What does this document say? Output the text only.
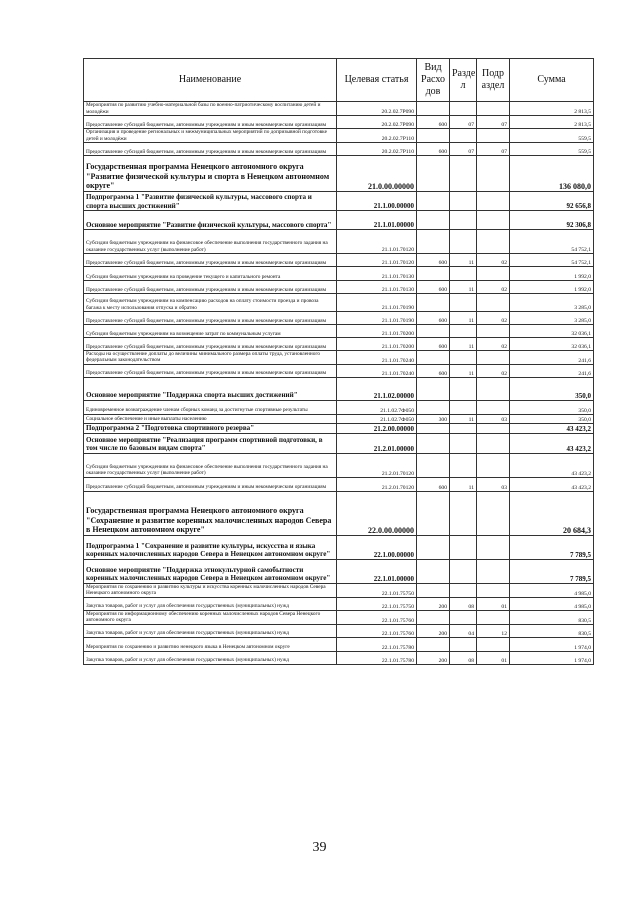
Наименование	Целевая статья	Вид Расхо дов	Разде л	Подр аздел	Сумма
Мероприятия по развитию учебно-материальной базы по военно-патриотическому воспитанию детей и молодёжи	20.2.02.7Р090				2 813,5
Предоставление субсидий бюджетным, автономным учреждениям и иным некоммерческим организациям	20.2.02.7Р090	600	07	07	2 813,5
Организация и проведение региональных и межмуниципальных мероприятий по допризывной подготовке детей и молодёжи	20.2.02.7Р110				559,5
Предоставление субсидий бюджетным, автономным учреждениям и иным некоммерческим организациям	20.2.02.7Р110	600	07	07	559,5
Государственная программа Ненецкого автономного округа "Развитие физической культуры и спорта в Ненецком автономном округе"	21.0.00.00000				136 080,0
Подпрограмма 1 "Развитие физической культуры, массового спорта и спорта высших достижений"	21.1.00.00000				92 656,8
Основное мероприятие "Развитие физической культуры, массового спорта"	21.1.01.00000				92 306,8
Субсидии бюджетным учреждениям на финансовое обеспечение выполнения государственного задания на оказание государственных услуг (выполнение работ)	21.1.01.70120				54 752,1
Предоставление субсидий бюджетным, автономным учреждениям и иным некоммерческим организациям	21.1.01.70120	600	11	02	54 752,1
Субсидии бюджетным учреждениям на проведение текущего и капитального ремонта	21.1.01.70130				1 992,0
Предоставление субсидий бюджетным, автономным учреждениям и иным некоммерческим организациям	21.1.01.70130	600	11	02	1 992,0
Субсидии бюджетным учреждениям на компенсацию расходов на оплату стоимости проезда и провоза багажа к месту использования отпуска и обратно	21.1.01.70190				3 285,0
Предоставление субсидий бюджетным, автономным учреждениям и иным некоммерческим организациям	21.1.01.70190	600	11	02	3 285,0
Субсидии бюджетным учреждениям на возмещение затрат по коммунальным услугам	21.1.01.70200				32 036,1
Предоставление субсидий бюджетным, автономным учреждениям и иным некоммерческим организациям	21.1.01.70200	600	11	02	32 036,1
Расходы на осуществление доплаты до величины минимального размера оплаты труда, установленного федеральным законодательством	21.1.01.70240				241,6
Предоставление субсидий бюджетным, автономным учреждениям и иным некоммерческим организациям	21.1.01.70240	600	11	02	241,6
Основное мероприятие "Поддержка спорта высших достижений"	21.1.02.00000				350,0
Единовременное вознаграждение членам сборных команд за достигнутые спортивные результаты	21.1.02.7Ф050				350,0
Социальное обеспечение и иные выплаты населению	21.1.02.7Ф050	300	11	03	350,0
Подпрограмма 2 "Подготовка спортивного резерва"	21.2.00.00000				43 423,2
Основное мероприятие "Реализация программ спортивной подготовки, в том числе по базовым видам спорта"	21.2.01.00000				43 423,2
Субсидии бюджетным учреждениям на финансовое обеспечение выполнения государственного задания на оказание государственных услуг (выполнение работ)	21.2.01.70120				43 423,2
Предоставление субсидий бюджетным, автономным учреждениям и иным некоммерческим организациям	21.2.01.70120	600	11	03	43 423,2
Государственная программа Ненецкого автономного округа "Сохранение и развитие коренных малочисленных народов Севера в Ненецком автономном округе"	22.0.00.00000				20 684,3
Подпрограмма 1 "Сохранение и развитие культуры, искусства и языка коренных малочисленных народов Севера в Ненецком автономном округе"	22.1.00.00000				7 789,5
Основное мероприятие "Поддержка этнокультурной самобытности коренных малочисленных народов Севера в Ненецком автономном округе"	22.1.01.00000				7 789,5
Мероприятия по сохранению и развитию культуры и искусства коренных малочисленных народов Севера Ненецкого автономного округа	22.1.01.75750				4 985,0
Закупка товаров, работ и услуг для обеспечения государственных (муниципальных) нужд	22.1.01.75750	200	08	01	4 985,0
Мероприятия по информационному обеспечению коренных малочисленных народов Севера Ненецкого автономного округа	22.1.01.75760				830,5
Закупка товаров, работ и услуг для обеспечения государственных (муниципальных) нужд	22.1.01.75760	200	04	12	830,5
Мероприятия по сохранению и развитию ненецкого языка в Ненецком автономном округе	22.1.01.75780				1 974,0
Закупка товаров, работ и услуг для обеспечения государственных (муниципальных) нужд	22.1.01.75780	200	08	01	1 974,0
39
